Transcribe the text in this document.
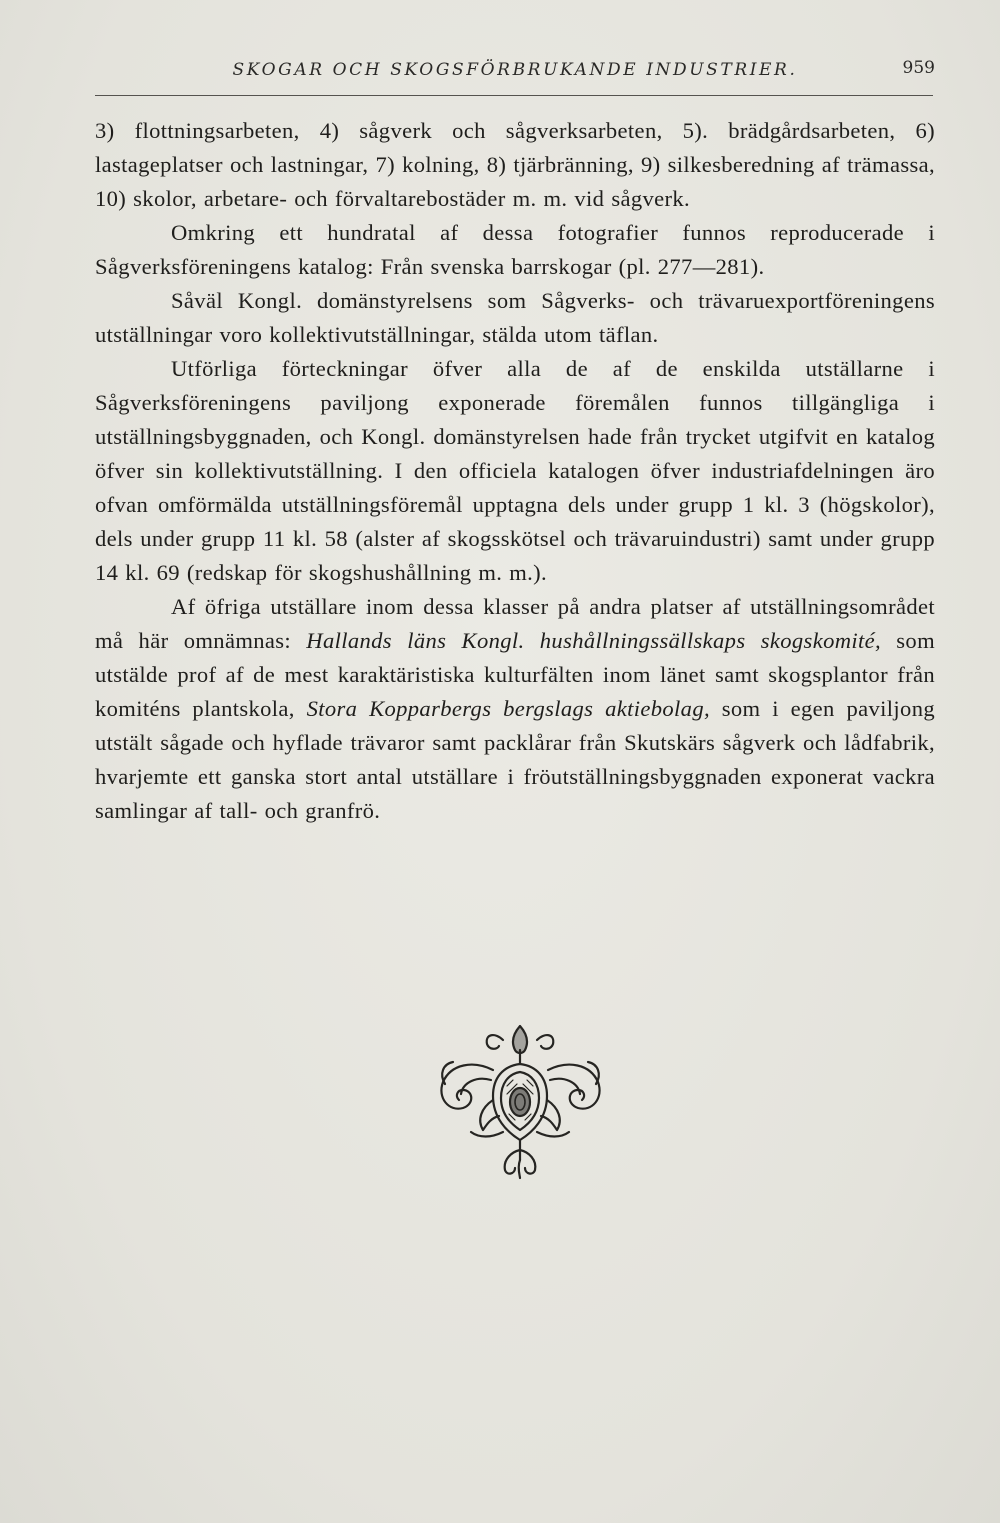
SKOGAR OCH SKOGSFÖRBRUKANDE INDUSTRIER.	959

3) flottningsarbeten, 4) sågverk och sågverksarbeten, 5). brädgårdsarbeten, 6) lastageplatser och lastningar, 7) kolning, 8) tjärbränning, 9) silkesberedning af trämassa, 10) skolor, arbetare- och förvaltarebostäder m. m. vid sågverk.

Omkring ett hundratal af dessa fotografier funnos reproducerade i Sågverksföreningens katalog: Från svenska barrskogar (pl. 277—281).

Såväl Kongl. domänstyrelsens som Sågverks- och trävaruexportföreningens utställningar voro kollektivutställningar, stälda utom täflan.

Utförliga förteckningar öfver alla de af de enskilda utställarne i Sågverksföreningens paviljong exponerade föremålen funnos tillgängliga i utställningsbyggnaden, och Kongl. domänstyrelsen hade från trycket utgifvit en katalog öfver sin kollektivutställning. I den officiela katalogen öfver industriafdelningen äro ofvan omförmälda utställningsföremål upptagna dels under grupp 1 kl. 3 (högskolor), dels under grupp 11 kl. 58 (alster af skogsskötsel och trävaruindustri) samt under grupp 14 kl. 69 (redskap för skogshushållning m. m.).

Af öfriga utställare inom dessa klasser på andra platser af utställningsområdet må här omnämnas: Hallands läns Kongl. hushållningssällskaps skogskomité, som utstälde prof af de mest karaktäristiska kulturfälten inom länet samt skogsplantor från komiténs plantskola, Stora Kopparbergs bergslags aktiebolag, som i egen paviljong utstält sågade och hyflade trävaror samt packlårar från Skutskärs sågverk och lådfabrik, hvarjemte ett ganska stort antal utställare i fröutställningsbyggnaden exponerat vackra samlingar af tall- och granfrö.
